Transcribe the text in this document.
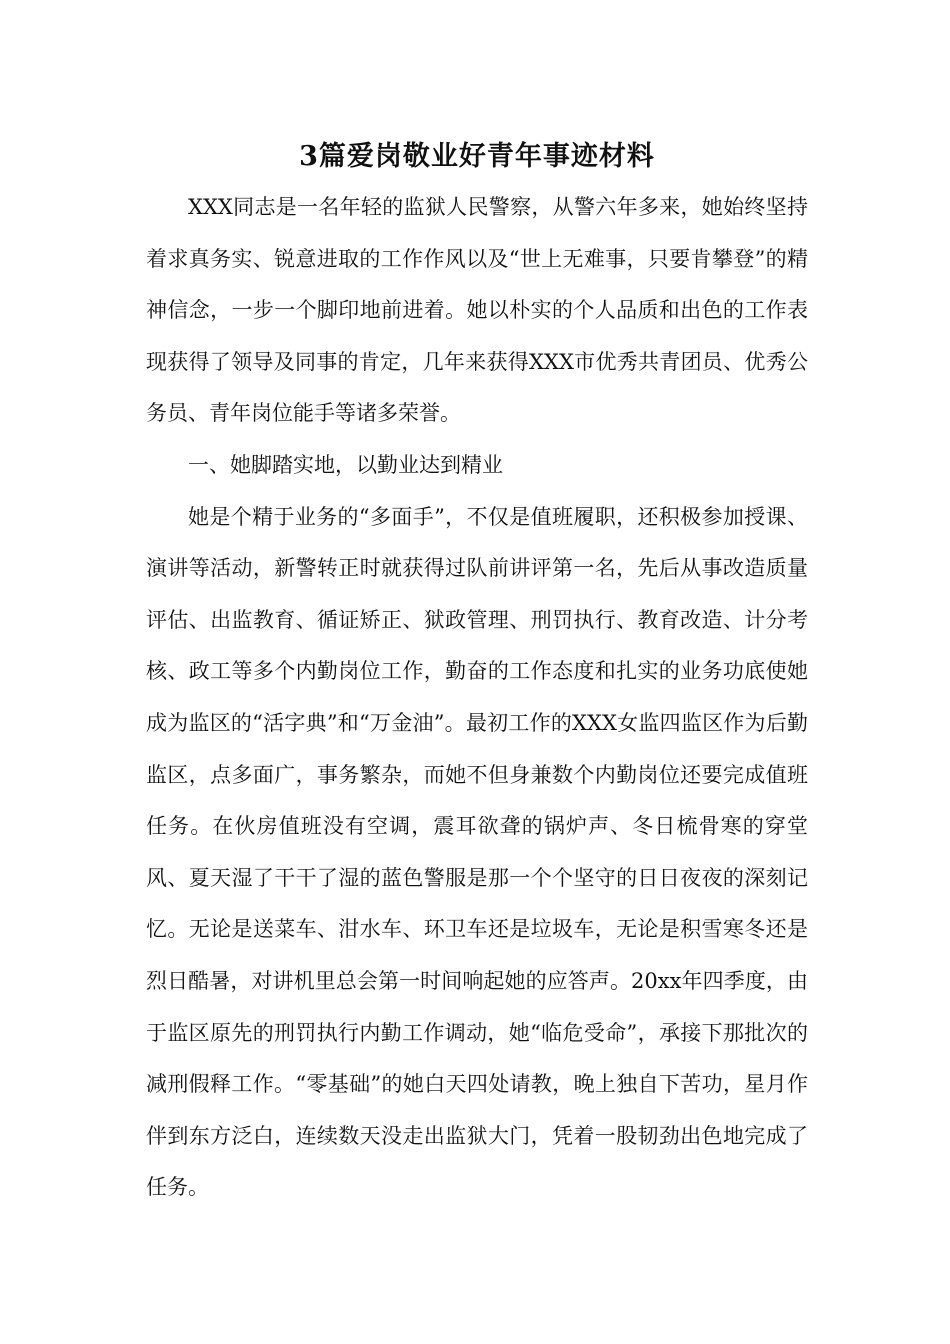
3篇爱岗敬业好青年事迹材料

XXX同志是一名年轻的监狱人民警察，从警六年多来，她始终坚持着求真务实、锐意进取的工作作风以及“世上无难事，只要肯攀登”的精神信念，一步一个脚印地前进着。她以朴实的个人品质和出色的工作表现获得了领导及同事的肯定，几年来获得XXX市优秀共青团员、优秀公务员、青年岗位能手等诸多荣誉。

一、她脚踏实地，以勤业达到精业

她是个精于业务的“多面手”，不仅是值班履职，还积极参加授课、演讲等活动，新警转正时就获得过队前讲评第一名，先后从事改造质量评估、出监教育、循证矫正、狱政管理、刑罚执行、教育改造、计分考核、政工等多个内勤岗位工作，勤奋的工作态度和扎实的业务功底使她成为监区的“活字典”和“万金油”。最初工作的XXX女监四监区作为后勤监区，点多面广，事务繁杂，而她不但身兼数个内勤岗位还要完成值班任务。在伙房值班没有空调，震耳欲聋的锅炉声、冬日梳骨寒的穿堂风、夏天湿了干干了湿的蓝色警服是那一个个坚守的日日夜夜的深刻记忆。无论是送菜车、泔水车、环卫车还是垃圾车，无论是积雪寒冬还是烈日酷暑，对讲机里总会第一时间响起她的应答声。20xx年四季度，由于监区原先的刑罚执行内勤工作调动，她“临危受命”，承接下那批次的减刑假释工作。“零基础”的她白天四处请教，晚上独自下苦功，星月作伴到东方泛白，连续数天没走出监狱大门，凭着一股韧劲出色地完成了任务。
